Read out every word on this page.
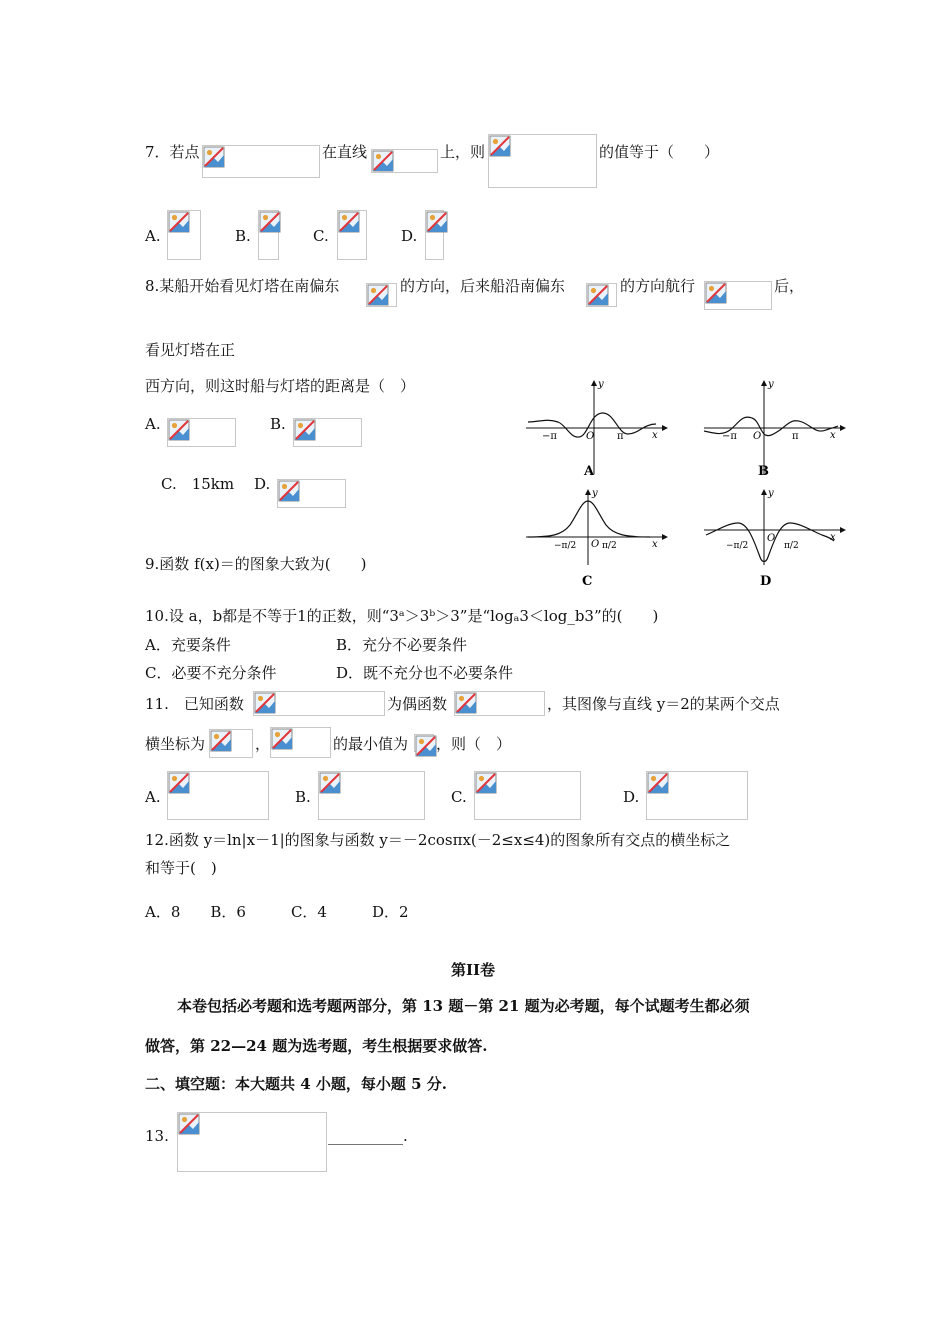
7．若点	在直线	上，则	的值等于（　　）
A.	B.	C.	D.
8.某船开始看见灯塔在南偏东	的方向，后来船沿南偏东	的方向航行	后，
看见灯塔在正
西方向，则这时船与灯塔的距离是（　）
A.	B.
C.　15km D.
y
x
−π	O π
A
y
x
−π O	π
B
y
x
−π/2 O π/2
C
y
x
−π/2
O
π/2
D
9.函数 f(x)＝的图象大致为(　　)
10.设 a，b都是不等于1的正数，则“3ᵃ＞3ᵇ＞3”是“logₐ3＜log_b3”的(　　)
A．充要条件	B．充分不必要条件
C．必要不充分条件	D．既不充分也不必要条件
11.　已知函数	为偶函数	，其图像与直线 y＝2的某两个交点
横坐标为	，	的最小值为 ，则（　）
A.	B.	C.	D.
12.函数 y＝ln|x－1|的图象与函数 y＝－2cosπx(－2≤x≤4)的图象所有交点的横坐标之
和等于(　)
A．8　　B．6　　　C．4　　　D．2
第II卷
本卷包括必考题和选考题两部分，第 13 题－第 21 题为必考题，每个试题考生都必须
做答，第 22—24 题为选考题，考生根据要求做答.
二、填空题：本大题共 4 小题，每小题 5 分.
13.	__________.
